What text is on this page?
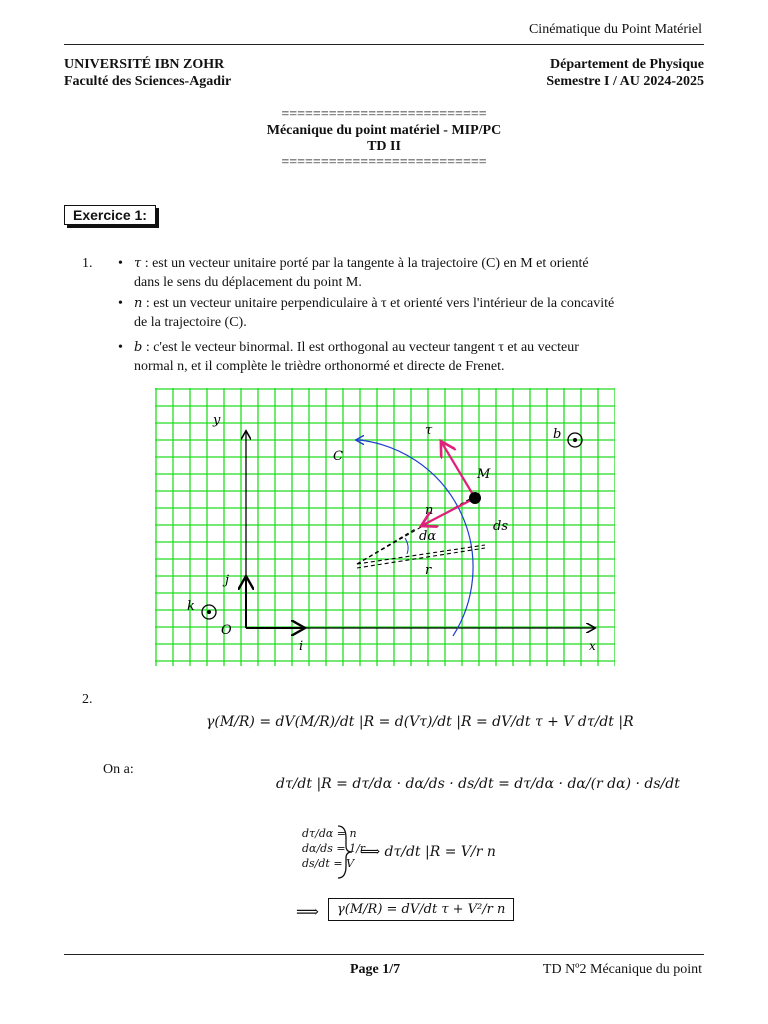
Cinématique du Point Matériel
UNIVERSITÉ IBN ZOHR
Faculté des Sciences-Agadir
Département de Physique
Semestre I / AU 2024-2025
==========================
Mécanique du point matériel - MIP/PC
TD II
==========================
Exercice 1:
1. • τ : est un vecteur unitaire porté par la tangente à la trajectoire (C) en M et orienté
dans le sens du déplacement du point M.
• n : est un vecteur unitaire perpendiculaire à τ et orienté vers l'intérieur de la concavité
de la trajectoire (C).
• b : c'est le vecteur binormal. Il est orthogonal au vecteur tangent τ et au vecteur
normal n, et il complète le trièdre orthonormé et directe de Frenet.
y
x
O
i
j
k
b
τ
C
M
n
dα
ds
r
2.
γ(M/R) = dV(M/R)/dt |R = d(Vτ)/dt |R = dV/dt τ + V dτ/dt |R
On a:
dτ/dt |R = dτ/dα · dα/ds · ds/dt = dτ/dα · dα/(r dα) · ds/dt
dτ/dα = n
dα/ds = 1/r
ds/dt = V
⟹ dτ/dt |R = V/r n
⟹	γ(M/R) = dV/dt τ + V²/r n
Page 1/7	TD Nº2 Mécanique du point
